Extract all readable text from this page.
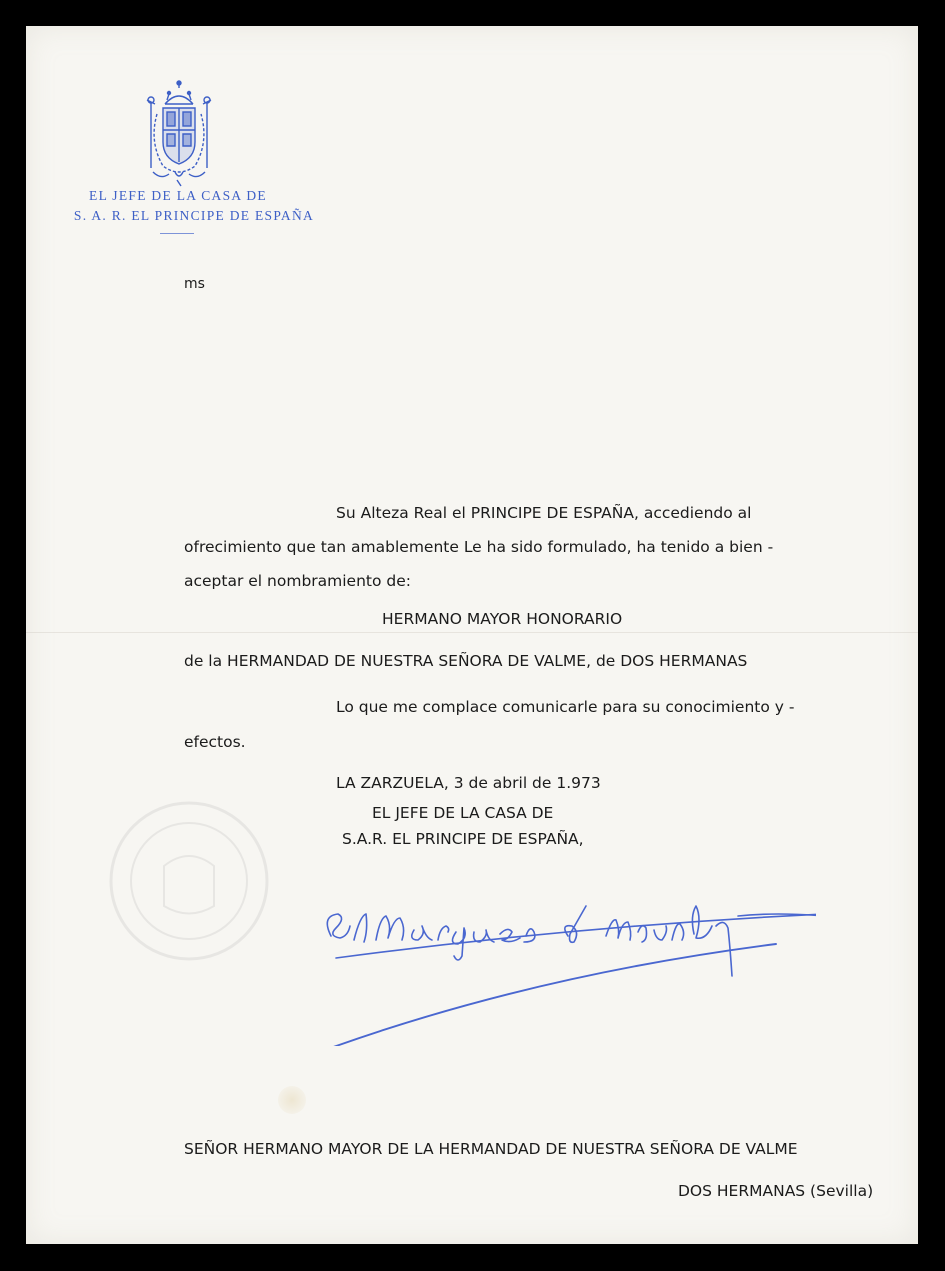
EL JEFE DE LA CASA DE
S. A. R. EL PRINCIPE DE ESPAÑA
ms
Su Alteza Real el PRINCIPE DE ESPAÑA, accediendo al
ofrecimiento que tan amablemente Le ha sido formulado, ha tenido a bien -
aceptar el nombramiento de:
HERMANO MAYOR HONORARIO
de la HERMANDAD DE NUESTRA SEÑORA DE VALME, de DOS HERMANAS
Lo que me complace comunicarle para su conocimiento y -
efectos.
LA ZARZUELA, 3 de abril de 1.973
EL JEFE DE LA CASA DE
S.A.R. EL PRINCIPE DE ESPAÑA,
SEÑOR HERMANO MAYOR DE LA HERMANDAD DE NUESTRA SEÑORA DE VALME
DOS HERMANAS (Sevilla)
